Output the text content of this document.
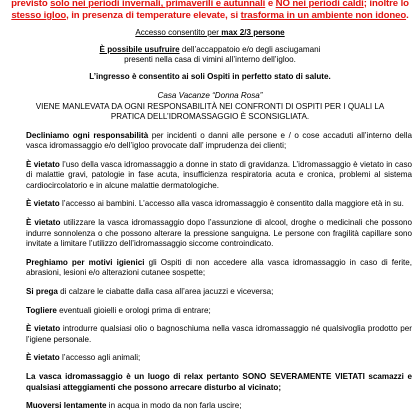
previsto solo nei periodi invernali, primaverili e autunnali e NO nei periodi caldi; inoltre lo
stesso igloo, in presenza di temperature elevate, si trasforma in un ambiente non idoneo.
Accesso consentito per max 2/3 persone
È possibile usufruire dell’accappatoio e/o degli asciugamani
presenti nella casa di vimini all’interno dell’igloo.
L’ingresso è consentito ai soli Ospiti in perfetto stato di salute.
Casa Vacanze “Donna Rosa”
VIENE MANLEVATA DA OGNI RESPONSABILITÀ NEI CONFRONTI DI OSPITI PER I QUALI LA PRATICA DELL’IDROMASSAGGIO È SCONSIGLIATA.

Decliniamo ogni responsabilità per incidenti o danni alle persone e / o cose accaduti all’interno della vasca idromassaggio e/o dell’igloo provocate dall’ imprudenza dei clienti;

È vietato l’uso della vasca idromassaggio a donne in stato di gravidanza. L’idromassaggio è vietato in caso di malattie gravi, patologie in fase acuta, insufficienza respiratoria acuta e cronica, problemi al sistema cardiocircolatorio e in alcune malattie dermatologiche.

È vietato l’accesso ai bambini. L’accesso alla vasca idromassaggio è consentito dalla maggiore età in su.

È vietato utilizzare la vasca idromassaggio dopo l’assunzione di alcool, droghe o medicinali che possono indurre sonnolenza o che possono alterare la pressione sanguigna. Le persone con fragilità capillare sono invitate a limitare l’utilizzo dell’idromassaggio siccome controindicato.

Preghiamo per motivi igienici gli Ospiti di non accedere alla vasca idromassaggio in caso di ferite, abrasioni, lesioni e/o alterazioni cutanee sospette;

Si prega di calzare le ciabatte dalla casa all’area jacuzzi e viceversa;

Togliere eventuali gioielli e orologi prima di entrare;

È vietato introdurre qualsiasi olio o bagnoschiuma nella vasca idromassaggio né qualsivoglia prodotto per l’igiene personale.

È vietato l’accesso agli animali;

La vasca idromassaggio è un luogo di relax pertanto SONO SEVERAMENTE VIETATI scamazzi e qualsiasi atteggiamenti che possono arrecare disturbo al vicinato;

Muoversi lentamente in acqua in modo da non farla uscire;
